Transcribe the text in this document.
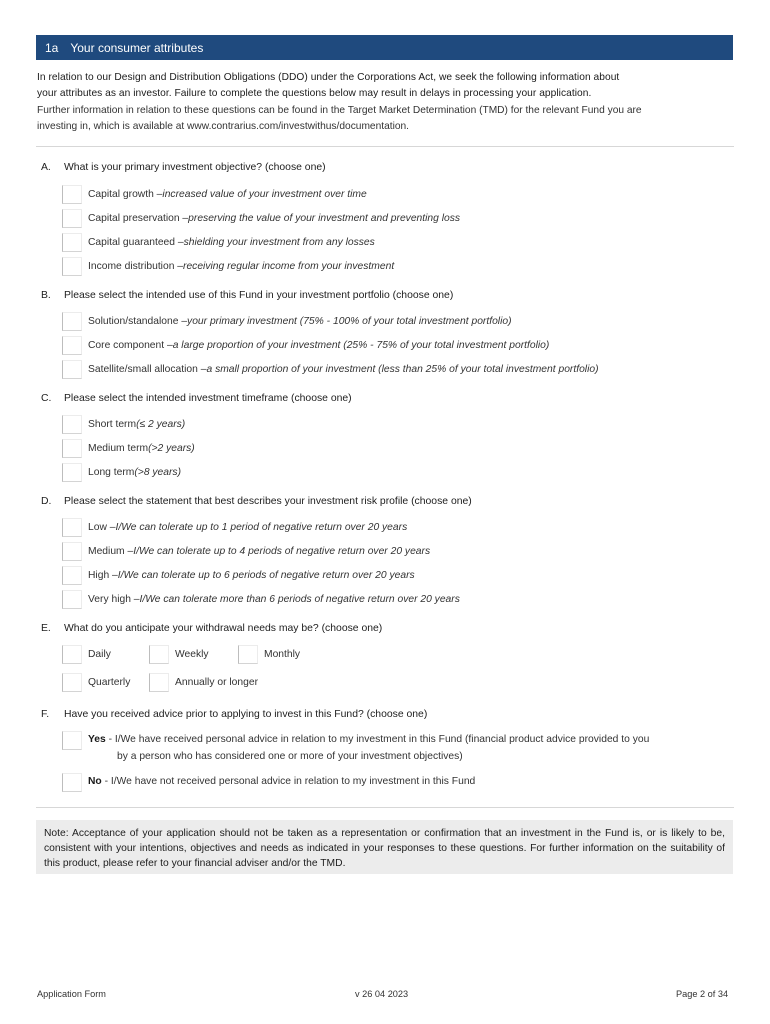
1a Your consumer attributes
In relation to our Design and Distribution Obligations (DDO) under the Corporations Act, we seek the following information about
your attributes as an investor. Failure to complete the questions below may result in delays in processing your application.
Further information in relation to these questions can be found in the Target Market Determination (TMD) for the relevant Fund you are
investing in, which is available at www.contrarius.com/investwithus/documentation.
A.	What is your primary investment objective? (choose one)
Capital growth – increased value of your investment over time
Capital preservation – preserving the value of your investment and preventing loss
Capital guaranteed – shielding your investment from any losses
Income distribution – receiving regular income from your investment
B.	Please select the intended use of this Fund in your investment portfolio (choose one)
Solution/standalone – your primary investment (75% - 100% of your total investment portfolio)
Core component – a large proportion of your investment (25% - 75% of your total investment portfolio)
Satellite/small allocation – a small proportion of your investment (less than 25% of your total investment portfolio)
C.	Please select the intended investment timeframe (choose one)
Short term (≤ 2 years)
Medium term (>2 years)
Long term (>8 years)
D.	Please select the statement that best describes your investment risk profile (choose one)
Low – I/We can tolerate up to 1 period of negative return over 20 years
Medium – I/We can tolerate up to 4 periods of negative return over 20 years
High – I/We can tolerate up to 6 periods of negative return over 20 years
Very high – I/We can tolerate more than 6 periods of negative return over 20 years
E.	What do you anticipate your withdrawal needs may be? (choose one)
Daily	Weekly	Monthly
Quarterly	Annually or longer
F.	Have you received advice prior to applying to invest in this Fund? (choose one)
Yes - I/We have received personal advice in relation to my investment in this Fund (financial product advice provided to you
by a person who has considered one or more of your investment objectives)
No - I/We have not received personal advice in relation to my investment in this Fund
Note: Acceptance of your application should not be taken as a representation or confirmation that an investment in the Fund is, or is likely to be, consistent with your intentions, objectives and needs as indicated in your responses to these questions. For further information on the suitability of this product, please refer to your financial adviser and/or the TMD.
Application Form	v 26 04 2023	Page 2 of 34
